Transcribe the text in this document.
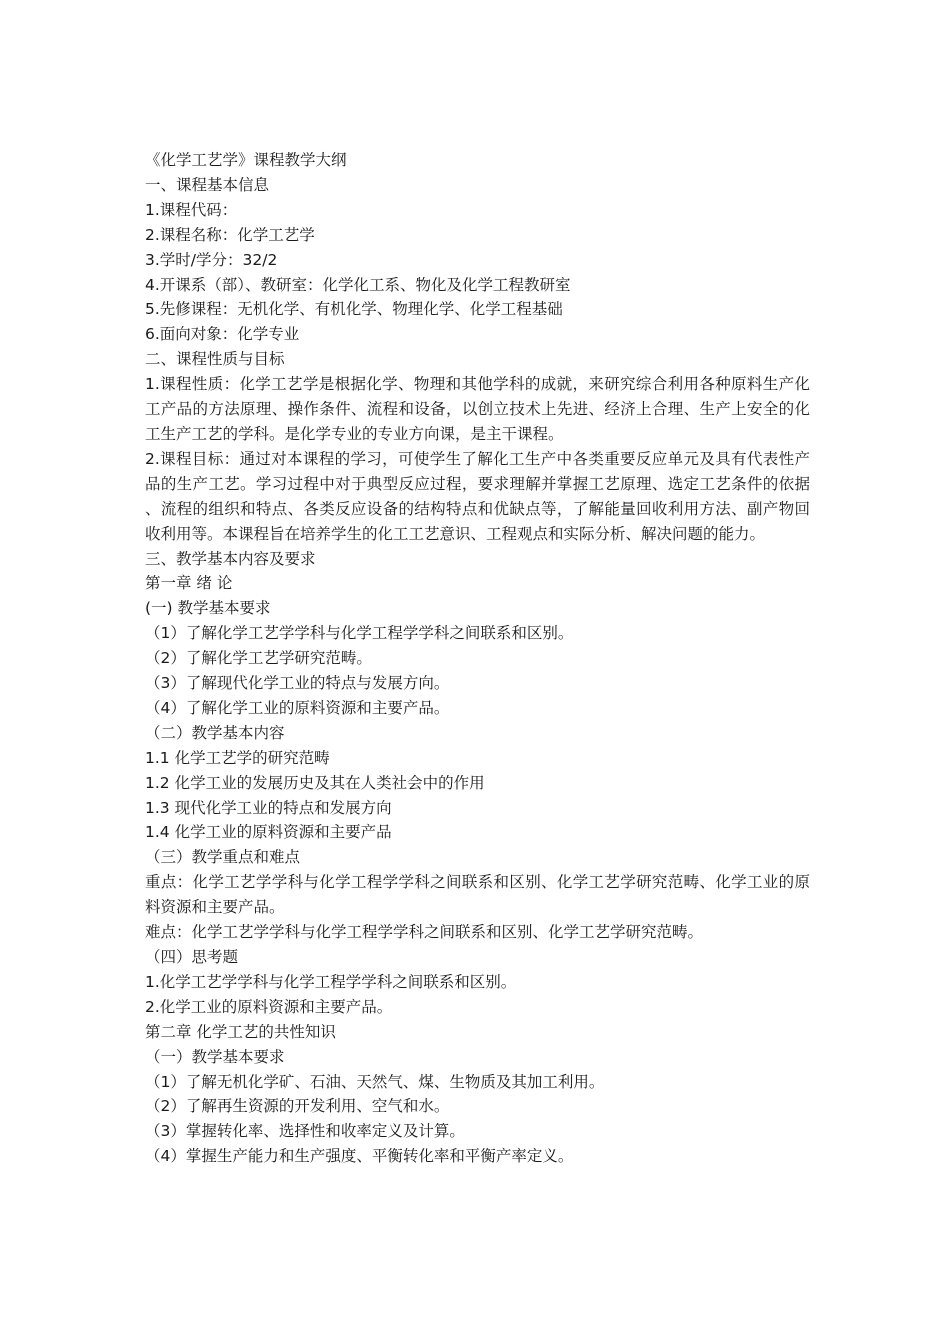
《化学工艺学》课程教学大纲
一、课程基本信息
1.课程代码：
2.课程名称：化学工艺学
3.学时/学分：32/2
4.开课系（部）、教研室：化学化工系、物化及化学工程教研室
5.先修课程：无机化学、有机化学、物理化学、化学工程基础
6.面向对象：化学专业
二、课程性质与目标
1.课程性质：化学工艺学是根据化学、物理和其他学科的成就，来研究综合利用各种原料生产化工产品的方法原理、操作条件、流程和设备，以创立技术上先进、经济上合理、生产上安全的化工生产工艺的学科。是化学专业的专业方向课，是主干课程。
2.课程目标：通过对本课程的学习，可使学生了解化工生产中各类重要反应单元及具有代表性产品的生产工艺。学习过程中对于典型反应过程，要求理解并掌握工艺原理、选定工艺条件的依据、流程的组织和特点、各类反应设备的结构特点和优缺点等，了解能量回收利用方法、副产物回收利用等。本课程旨在培养学生的化工工艺意识、工程观点和实际分析、解决问题的能力。
三、教学基本内容及要求
第一章 绪 论
(一) 教学基本要求
（1）了解化学工艺学学科与化学工程学学科之间联系和区别。
（2）了解化学工艺学研究范畴。
（3）了解现代化学工业的特点与发展方向。
（4）了解化学工业的原料资源和主要产品。
（二）教学基本内容
1.1 化学工艺学的研究范畴
1.2 化学工业的发展历史及其在人类社会中的作用
1.3 现代化学工业的特点和发展方向
1.4 化学工业的原料资源和主要产品
（三）教学重点和难点
重点：化学工艺学学科与化学工程学学科之间联系和区别、化学工艺学研究范畴、化学工业的原料资源和主要产品。
难点：化学工艺学学科与化学工程学学科之间联系和区别、化学工艺学研究范畴。
（四）思考题
1.化学工艺学学科与化学工程学学科之间联系和区别。
2.化学工业的原料资源和主要产品。
第二章 化学工艺的共性知识
（一）教学基本要求
（1）了解无机化学矿、石油、天然气、煤、生物质及其加工利用。
（2）了解再生资源的开发利用、空气和水。
（3）掌握转化率、选择性和收率定义及计算。
（4）掌握生产能力和生产强度、平衡转化率和平衡产率定义。
